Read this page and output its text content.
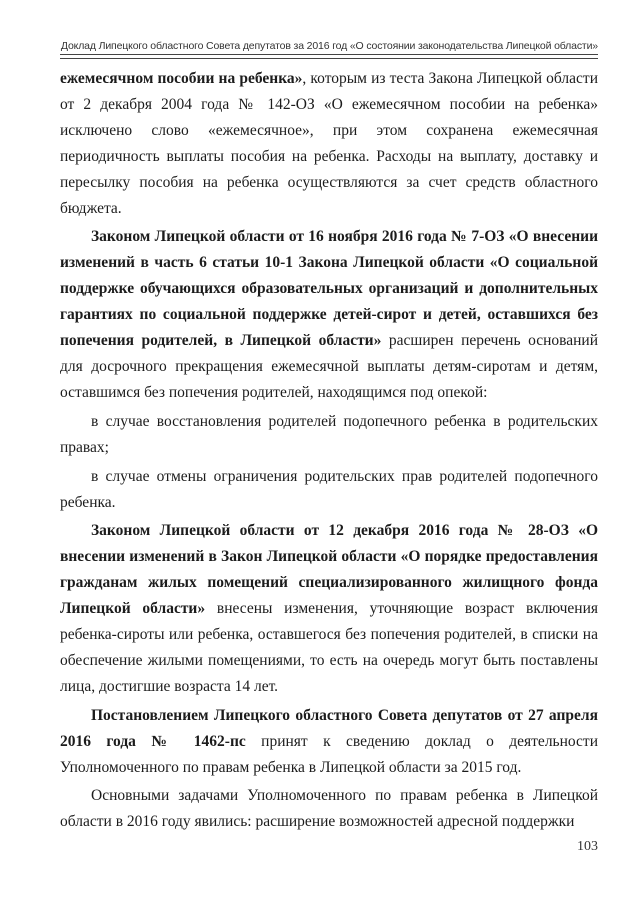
Доклад Липецкого областного Совета депутатов за 2016 год «О состоянии законодательства Липецкой области»

ежемесячном пособии на ребенка», которым из теста Закона Липецкой области от 2 декабря 2004 года № 142-ОЗ «О ежемесячном пособии на ребенка» исключено слово «ежемесячное», при этом сохранена ежемесячная периодичность выплаты пособия на ребенка. Расходы на выплату, доставку и пересылку пособия на ребенка осуществляются за счет средств областного бюджета.

Законом Липецкой области от 16 ноября 2016 года № 7-ОЗ «О внесении изменений в часть 6 статьи 10-1 Закона Липецкой области «О социальной поддержке обучающихся образовательных организаций и дополнительных гарантиях по социальной поддержке детей-сирот и детей, оставшихся без попечения родителей, в Липецкой области» расширен перечень оснований для досрочного прекращения ежемесячной выплаты детям-сиротам и детям, оставшимся без попечения родителей, находящимся под опекой:

в случае восстановления родителей подопечного ребенка в родительских правах;

в случае отмены ограничения родительских прав родителей подопечного ребенка.

Законом Липецкой области от 12 декабря 2016 года № 28-ОЗ «О внесении изменений в Закон Липецкой области «О порядке предоставления гражданам жилых помещений специализированного жилищного фонда Липецкой области» внесены изменения, уточняющие возраст включения ребенка-сироты или ребенка, оставшегося без попечения родителей, в списки на обеспечение жилыми помещениями, то есть на очередь могут быть поставлены лица, достигшие возраста 14 лет.

Постановлением Липецкого областного Совета депутатов от 27 апреля 2016 года № 1462-пс принят к сведению доклад о деятельности Уполномоченного по правам ребенка в Липецкой области за 2015 год.

Основными задачами Уполномоченного по правам ребенка в Липецкой области в 2016 году явились: расширение возможностей адресной поддержки

103
